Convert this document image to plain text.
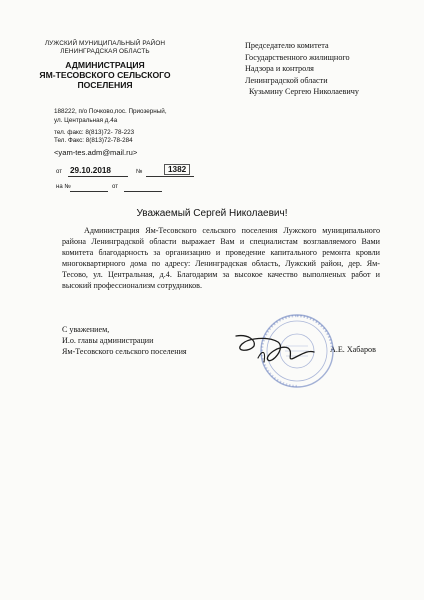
ЛУЖСКИЙ МУНИЦИПАЛЬНЫЙ РАЙОН
ЛЕНИНГРАДСКАЯ ОБЛАСТЬ
АДМИНИСТРАЦИЯ
ЯМ-ТЕСОВСКОГО СЕЛЬСКОГО
ПОСЕЛЕНИЯ
188222, п/о Почково,пос. Приозерный,
ул. Центральная д.4а
тел. факс: 8(813)72- 78-223
Тел. Факс: 8(813)72-78-284
<yam-tes.adm@mail.ru>
от 29.10.2018	№	1382
на №	от
Председателю комитета
Государственного жилищного
Надзора и контроля
Ленинградской области
Кузьмину Сергею Николаевичу
Уважаемый Сергей Николаевич!
Администрация Ям-Тесовского сельского поселения Лужского муниципального района Ленинградской области выражает Вам и специалистам возглавляемого Вами комитета благодарность за организацию и проведение капитального ремонта кровли многоквартирного дома по адресу: Ленинградская область, Лужский район, дер. Ям-Тесово, ул. Центральная, д.4. Благодарим за высокое качество выполненых работ и высокий профессионализм сотрудников.
С уважением,
И.о. главы администрации
Ям-Тесовского сельского поселения	А.Е. Хабаров
